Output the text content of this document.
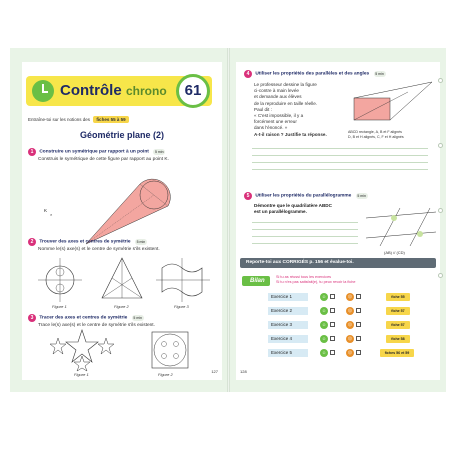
Contrôle chrono	61
Entraîne-toi sur les notions des fiches 55 à 59
Géométrie plane (2)
1 Construire un symétrique par rapport à un point 5 min
Construis le symétrique de cette figure par rapport au point K.
K
×
2 Trouver des axes et centres de symétrie 5 min
Nomme le(s) axe(s) et le centre de symétrie s'ils existent.
Figure 1	Figure 2	Figure 3
3 Tracer des axes et centres de symétrie 5 min
Trace le(s) axe(s) et le centre de symétrie s'ils existent.
Figure 1	Figure 2
127
4 Utiliser les propriétés des parallèles et des angles 5 min
Le professeur dessine la figure
ci-contre à main levée
et demande aux élèves
de la reproduire en taille réelle.
Paul dit :
« C'est impossible, il y a
forcément une erreur
dans l'énoncé. »
A-t-il raison ? Justifie ta réponse.	ABCD rectangle, A, B et F alignés
D, B et H alignés, C, F et H alignés
5 Utiliser les propriétés du parallélogramme 5 min
Démontre que le quadrilatère ABDC
est un parallélogramme.
(AB) // (CD)
Reporte-toi aux CORRIGÉS p. 156 et évalue-toi.
Bilan
Si tu as réussi tous les exercices
Si tu n'es pas satisfait(e), tu peux revoir la fiche
Exercice 1	☺	☹	fiche 55
Exercice 2	☺	☹	fiche 57
Exercice 3	☺	☹	fiche 57
Exercice 4	☺	☹	fiche 58
Exercice 5	☺	☹	fiches 56 et 59
128
